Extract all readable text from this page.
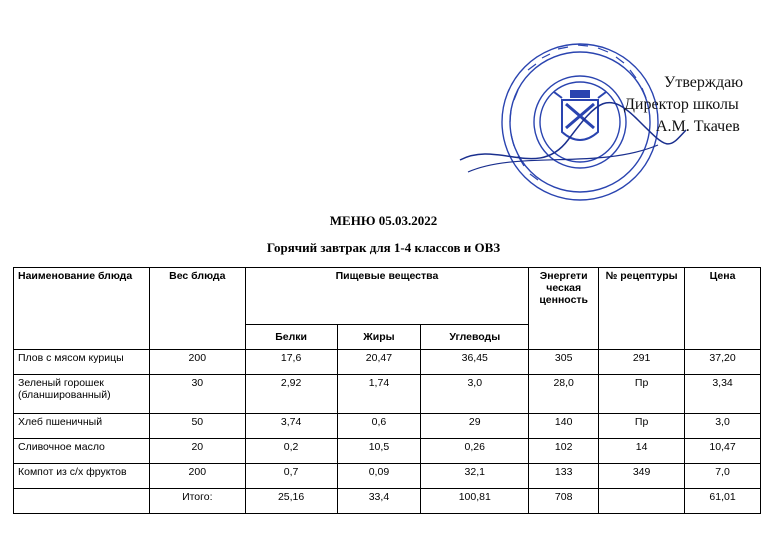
Утверждаю
Директор школы
А.М. Ткачев
МЕНЮ 05.03.2022
Горячий завтрак для 1-4 классов и ОВЗ
Наименование блюда	Вес блюда	Пищевые вещества			Энергети ческая ценность	№ рецептуры	Цена
		Белки	Жиры	Углеводы			
Плов с мясом курицы	200	17,6	20,47	36,45	305	291	37,20
Зеленый горошек (бланшированный)	30	2,92	1,74	3,0	28,0	Пр	3,34
Хлеб пшеничный	50	3,74	0,6	29	140	Пр	3,0
Сливочное масло	20	0,2	10,5	0,26	102	14	10,47
Компот из с/х фруктов	200	0,7	0,09	32,1	133	349	7,0
	Итого:	25,16	33,4	100,81	708		61,01
